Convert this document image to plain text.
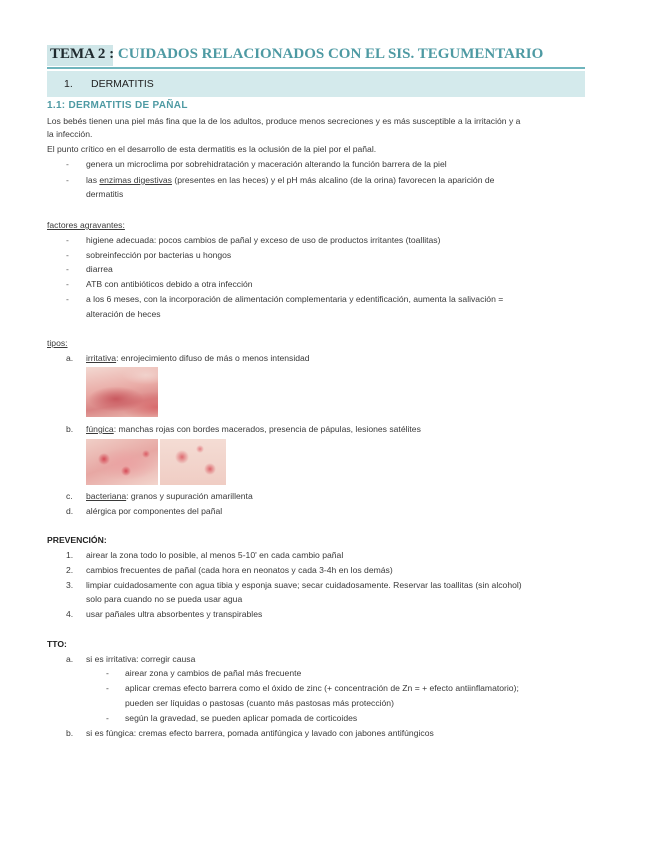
TEMA 2 : CUIDADOS RELACIONADOS CON EL SIS. TEGUMENTARIO
1. DERMATITIS
1.1: DERMATITIS DE PAÑAL
Los bebés tienen una piel más fina que la de los adultos, produce menos secreciones y es más susceptible a la irritación y a
la infección.
El punto crítico en el desarrollo de esta dermatitis es la oclusión de la piel por el pañal.
- genera un microclima por sobrehidratación y maceración alterando la función barrera de la piel
- las enzimas digestivas (presentes en las heces) y el pH más alcalino (de la orina) favorecen la aparición de
dermatitis
factores agravantes:
- higiene adecuada: pocos cambios de pañal y exceso de uso de productos irritantes (toallitas)
- sobreinfección por bacterias u hongos
- diarrea
- ATB con antibióticos debido a otra infección
- a los 6 meses, con la incorporación de alimentación complementaria y edentificación, aumenta la salivación =
alteración de heces
tipos:
a. irritativa: enrojecimiento difuso de más o menos intensidad
b. fúngica: manchas rojas con bordes macerados, presencia de pápulas, lesiones satélites
c. bacteriana: granos y supuración amarillenta
d. alérgica por componentes del pañal
PREVENCIÓN:
1. airear la zona todo lo posible, al menos 5-10' en cada cambio pañal
2. cambios frecuentes de pañal (cada hora en neonatos y cada 3-4h en los demás)
3. limpiar cuidadosamente con agua tibia y esponja suave; secar cuidadosamente. Reservar las toallitas (sin alcohol)
solo para cuando no se pueda usar agua
4. usar pañales ultra absorbentes y transpirables
TTO:
a. si es irritativa: corregir causa
- airear zona y cambios de pañal más frecuente
- aplicar cremas efecto barrera como el óxido de zinc (+ concentración de Zn = + efecto antiinflamatorio);
pueden ser líquidas o pastosas (cuanto más pastosas más protección)
- según la gravedad, se pueden aplicar pomada de corticoides
b. si es fúngica: cremas efecto barrera, pomada antifúngica y lavado con jabones antifúngicos
